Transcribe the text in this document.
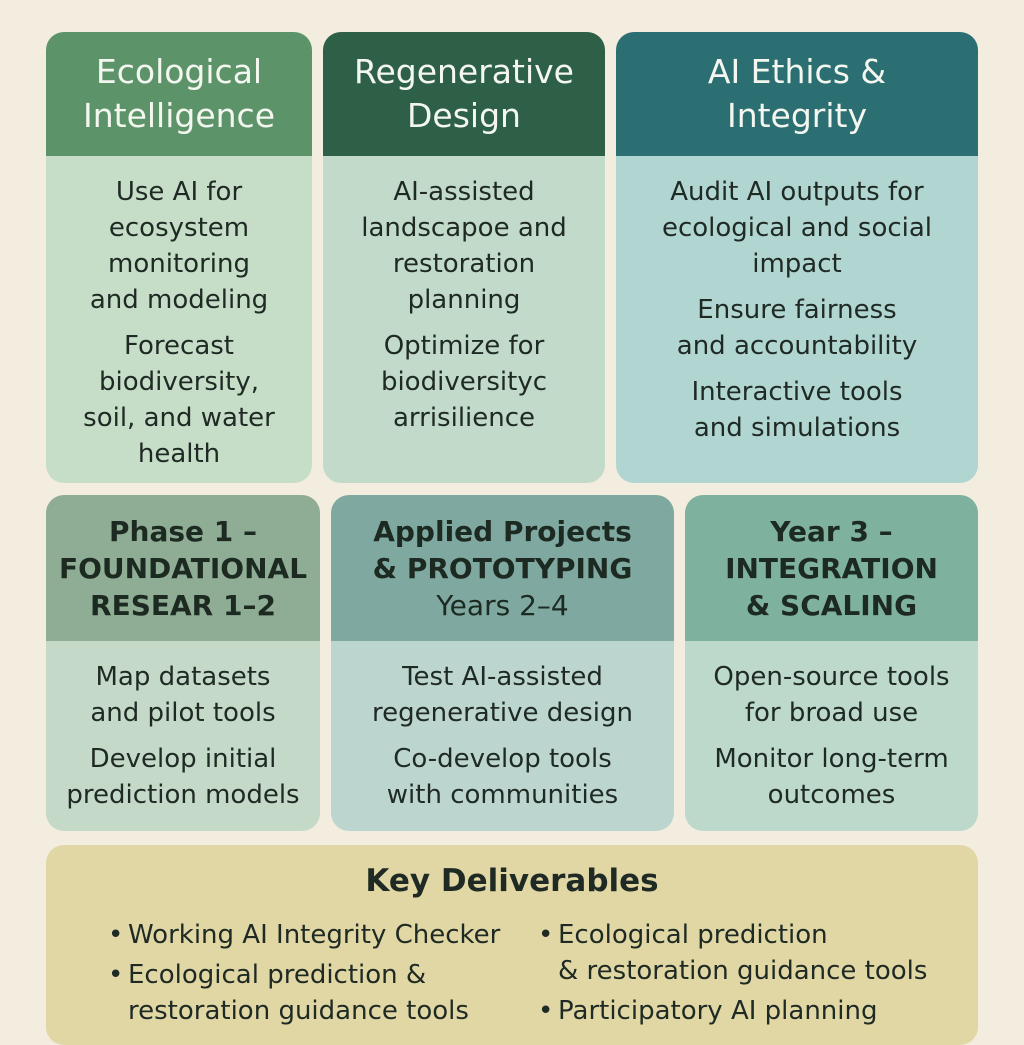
Ecological
Intelligence
Use AI for
ecosystem
monitoring
and modeling
Forecast
biodiversity,
soil, and water
health
Regenerative
Design
AI-assisted
landscapoe and
restoration
planning
Optimize for
biodiversityc
arrisilience
AI Ethics &
Integrity
Audit AI outputs for
ecological and social
impact
Ensure fairness
and accountability
Interactive tools
and simulations
Phase 1 –
FOUNDATIONAL
RESEAR 1–2
Map datasets
and pilot tools
Develop initial
prediction models
Applied Projects
& PROTOTYPING
Years 2–4
Test AI-assisted
regenerative design
Co-develop tools
with communities
Year 3 –
INTEGRATION
& SCALING
Open-source tools
for broad use
Monitor long-term
outcomes
Key Deliverables
• Working AI Integrity Checker
• Ecological prediction &
restoration guidance tools
• Ecological prediction
& restoration guidance tools
• Participatory AI planning
